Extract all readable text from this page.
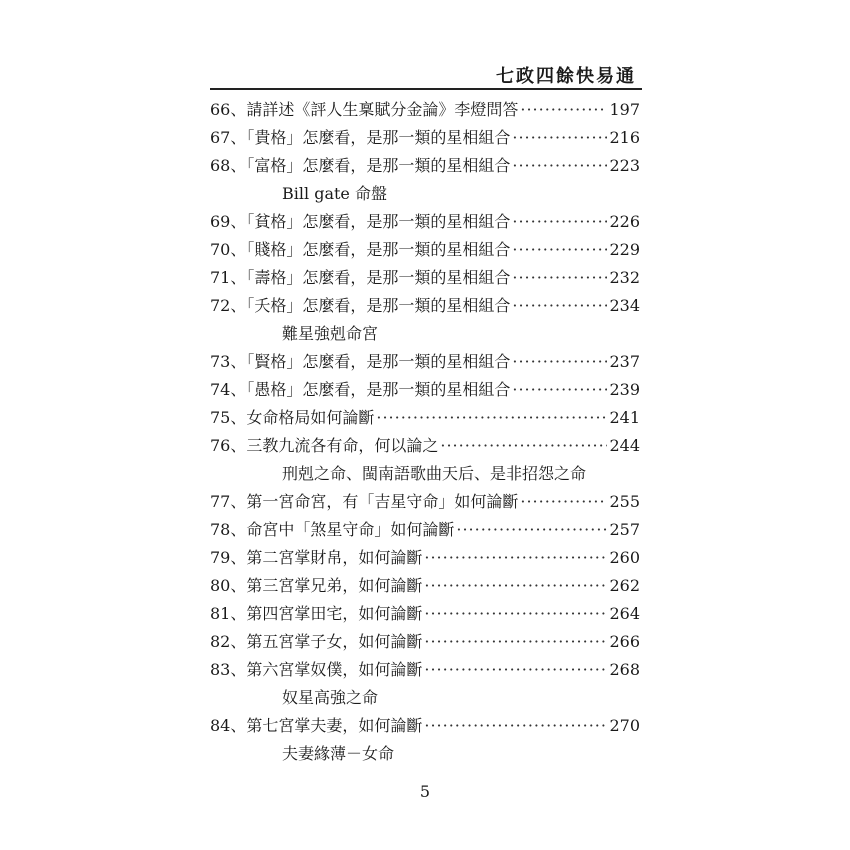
七政四餘快易通
66 、請詳述《評人生稟賦分金論》李燈問答 ·····	197
67 、「貴格」怎麼看，是那一類的星相組合 ·····	216
68 、「富格」怎麼看，是那一類的星相組合 ·····	223
Bill gate 命盤
69 、「貧格」怎麼看，是那一類的星相組合 ·····	226
70 、「賤格」怎麼看，是那一類的星相組合 ·····	229
71 、「壽格」怎麼看，是那一類的星相組合 ·····	232
72 、「夭格」怎麼看，是那一類的星相組合 ·····	234
難星強剋命宮
73 、「賢格」怎麼看，是那一類的星相組合 ·····	237
74 、「愚格」怎麼看，是那一類的星相組合 ·····	239
75 、女命格局如何論斷 ·····	241
76 、三教九流各有命，何以論之 ·····	244
刑剋之命、閩南語歌曲天后、是非招怨之命
77 、第一宮命宮，有「吉星守命」如何論斷 ·····	255
78 、命宮中「煞星守命」如何論斷 ·····	257
79 、第二宮掌財帛，如何論斷 ·····	260
80 、第三宮掌兄弟，如何論斷 ·····	262
81 、第四宮掌田宅，如何論斷 ·····	264
82 、第五宮掌子女，如何論斷 ·····	266
83 、第六宮掌奴僕，如何論斷 ·····	268
奴星高強之命
84 、第七宮掌夫妻，如何論斷 ·····	270
夫妻緣薄－女命
5
